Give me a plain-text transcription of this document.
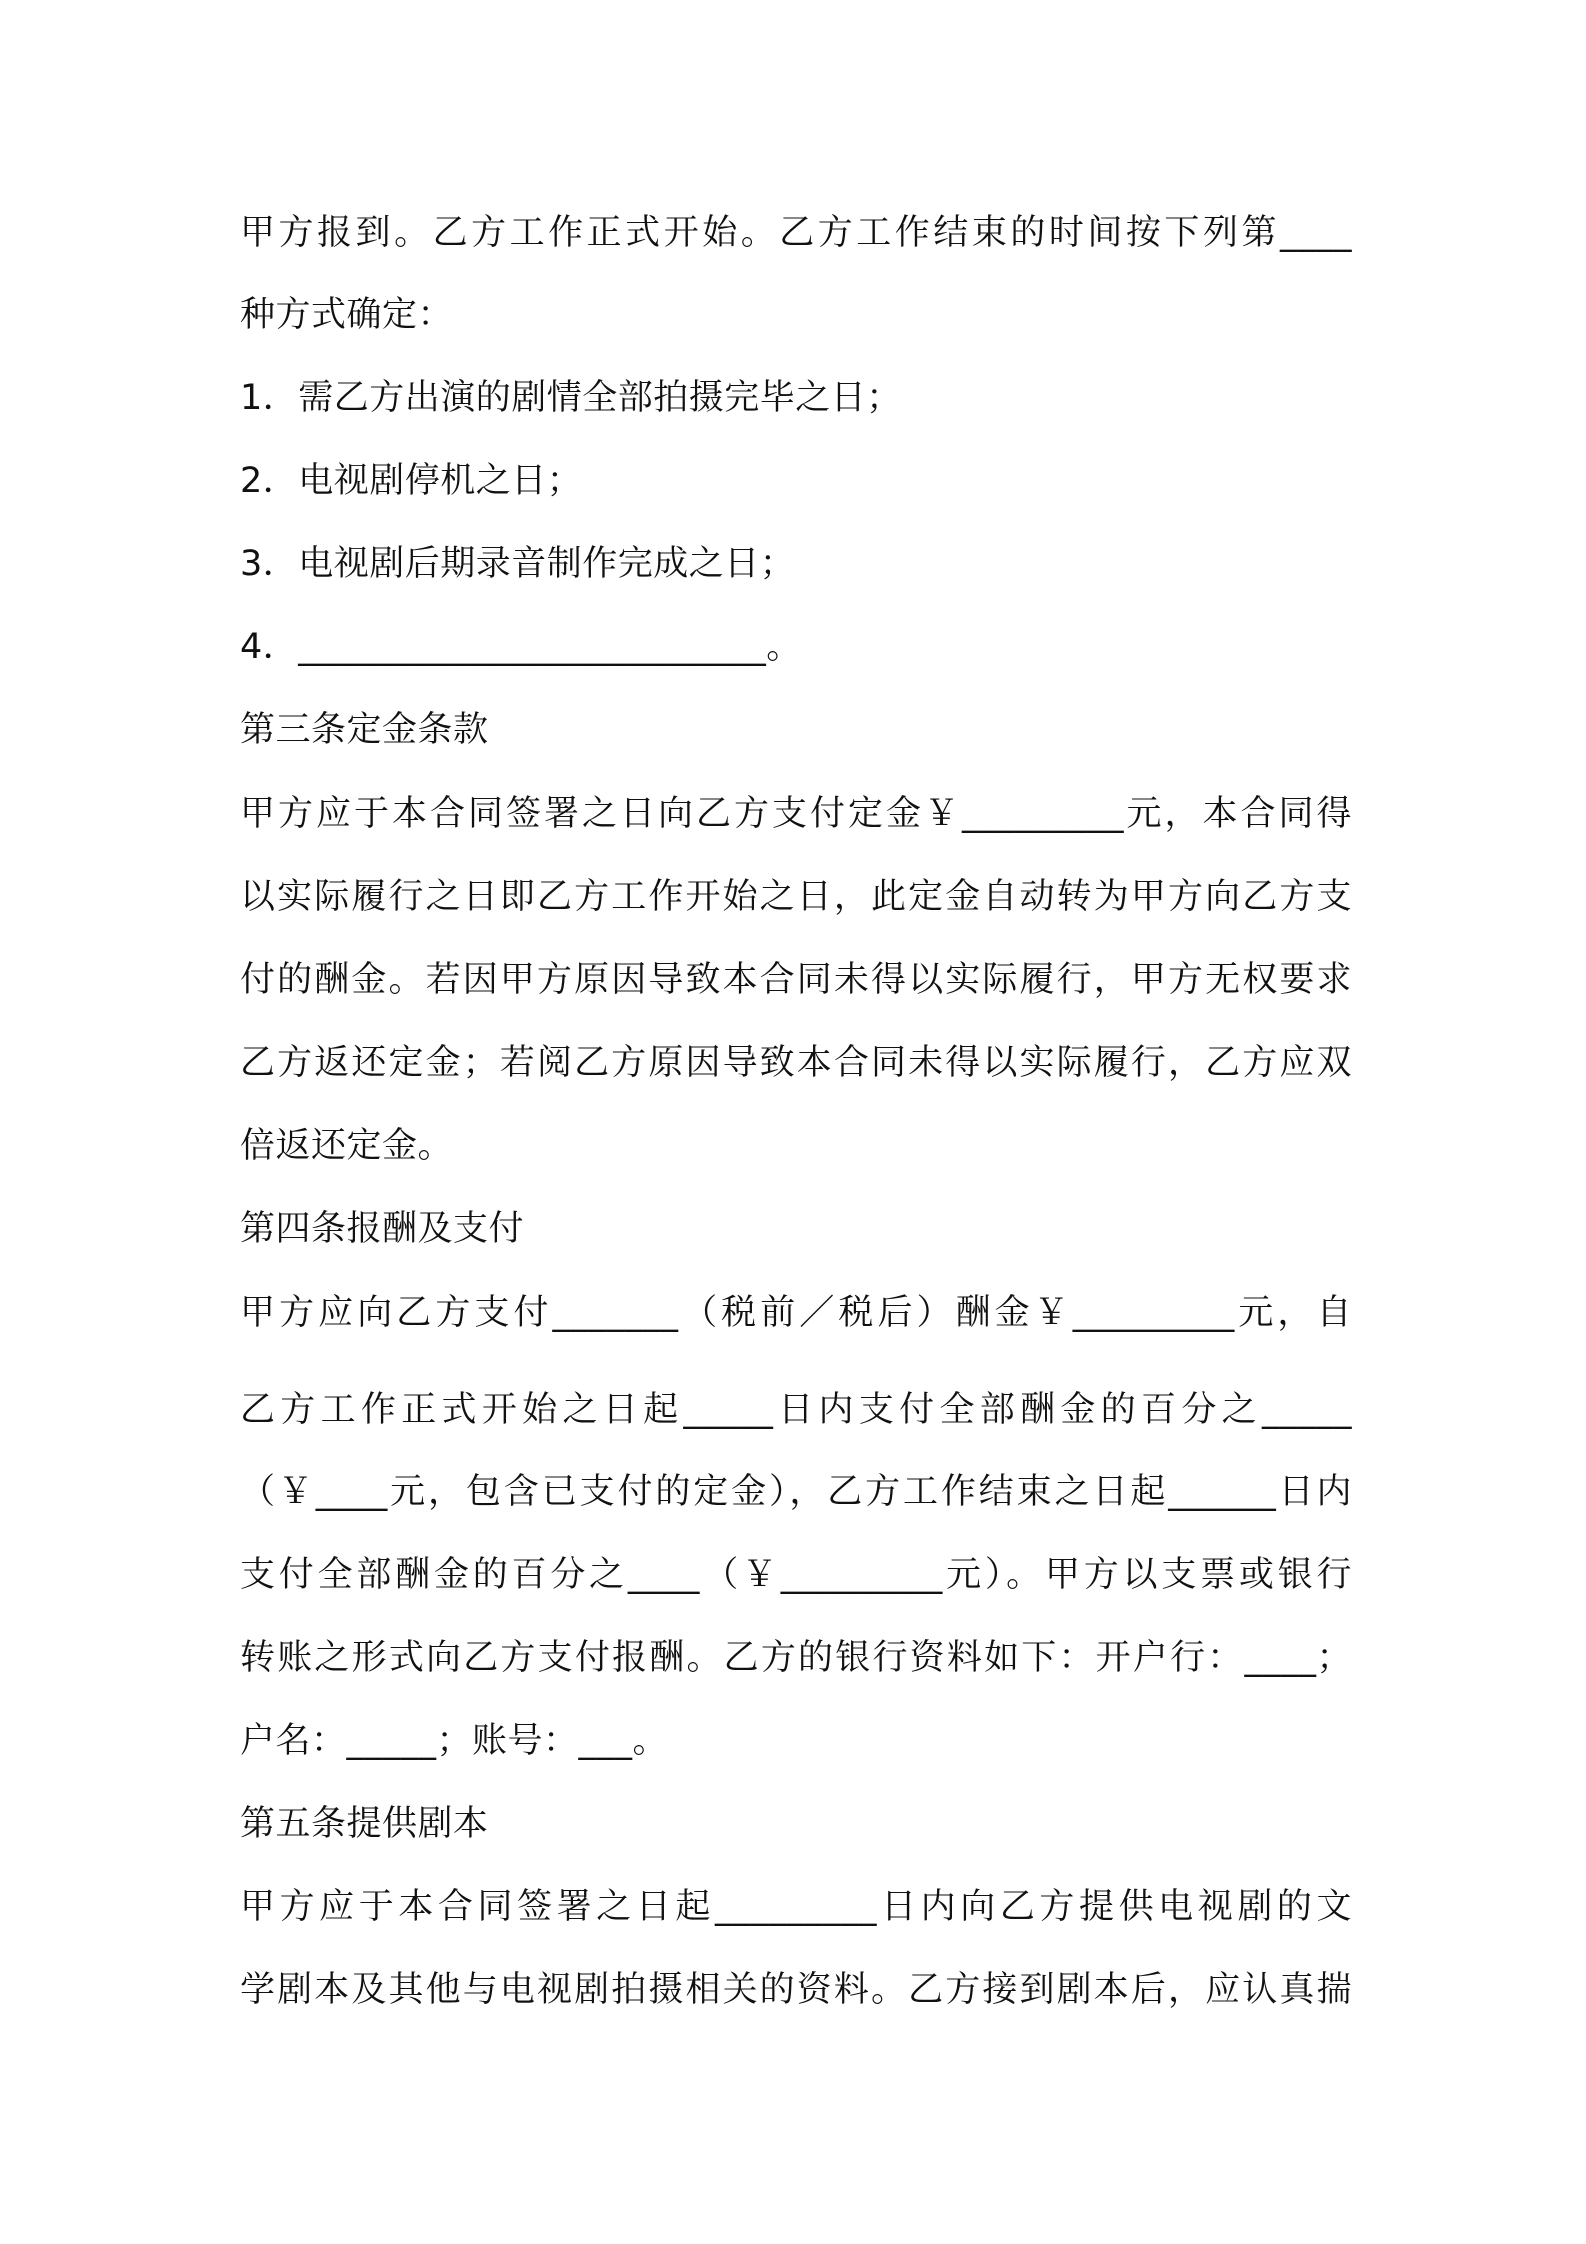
甲方报到。乙方工作正式开始。乙方工作结束的时间按下列第____
种方式确定：
1．需乙方出演的剧情全部拍摄完毕之日；
2．电视剧停机之日；
3．电视剧后期录音制作完成之日；
4．__________________________。
第三条定金条款
甲方应于本合同签署之日向乙方支付定金￥_________元，本合同得
以实际履行之日即乙方工作开始之日，此定金自动转为甲方向乙方支
付的酬金。若因甲方原因导致本合同未得以实际履行，甲方无权要求
乙方返还定金；若阅乙方原因导致本合同未得以实际履行，乙方应双
倍返还定金。
第四条报酬及支付
甲方应向乙方支付_______（税前／税后）酬金￥_________元，自
乙方工作正式开始之日起_____日内支付全部酬金的百分之_____
（￥____元，包含已支付的定金），乙方工作结束之日起______日内
支付全部酬金的百分之____（￥_________元）。甲方以支票或银行
转账之形式向乙方支付报酬。乙方的银行资料如下：开户行：____；
户名：_____；账号：___。
第五条提供剧本
甲方应于本合同签署之日起_________日内向乙方提供电视剧的文
学剧本及其他与电视剧拍摄相关的资料。乙方接到剧本后，应认真揣
